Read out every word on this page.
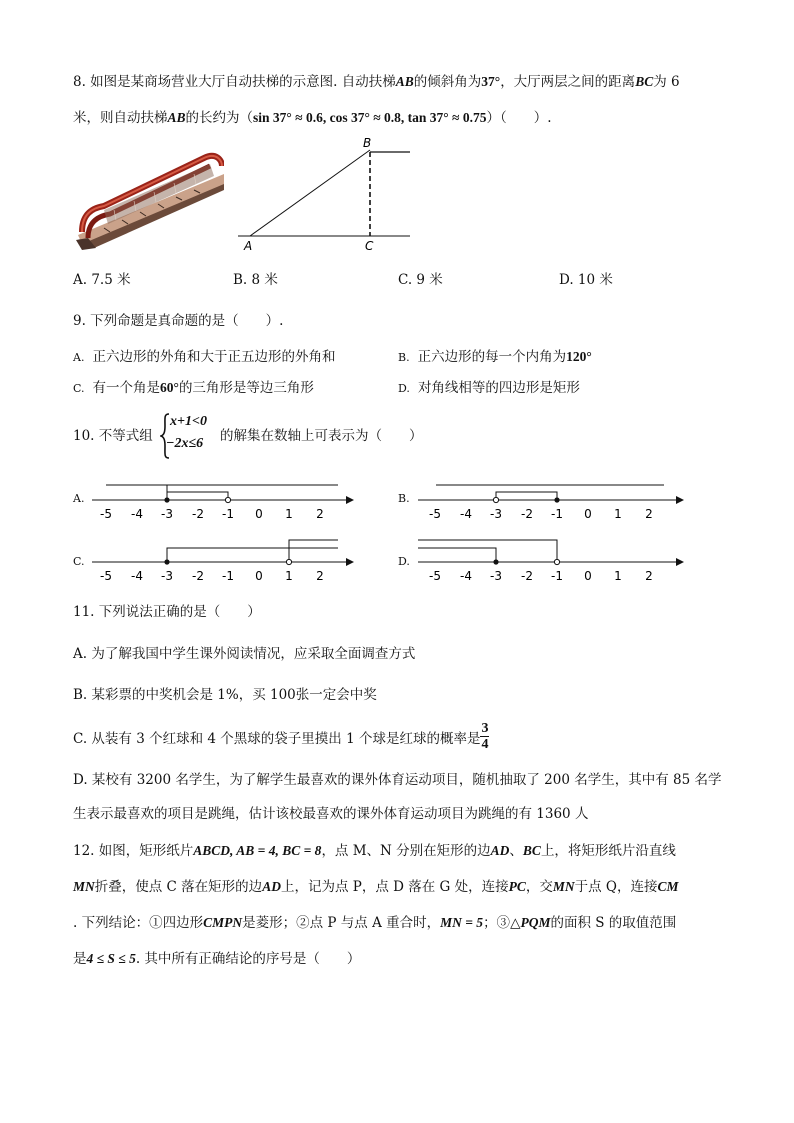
8. 如图是某商场营业大厅自动扶梯的示意图. 自动扶梯AB的倾斜角为37°，大厅两层之间的距离BC为 6
米，则自动扶梯AB的长约为（sin 37° ≈ 0.6, cos 37° ≈ 0.8, tan 37° ≈ 0.75）（　　）.
A
B
C
A. 7.5 米	B. 8 米	C. 9 米	D. 10 米
9. 下列命题是真命题的是（　　）.
A. 正六边形的外角和大于正五边形的外角和	B. 正六边形的每一个内角为120°
C. 有一个角是60°的三角形是等边三角形	D. 对角线相等的四边形是矩形
10. 不等式组
x+1<0
−2x≤6 的解集在数轴上可表示为（　　）
A.	B.
C.	D.
-5 -4 -3 -2 -1 0 1 2	-5 -4 -3 -2 -1 0 1 2
-5 -4 -3 -2 -1 0 1 2	-5 -4 -3 -2 -1 0 1 2
11. 下列说法正确的是（　　）
A. 为了解我国中学生课外阅读情况，应采取全面调查方式
B. 某彩票的中奖机会是 1%，买 100张一定会中奖
C. 从装有 3 个红球和 4 个黑球的袋子里摸出 1 个球是红球的概率是 $\frac{3}{4}$
D. 某校有 3200 名学生，为了解学生最喜欢的课外体育运动项目，随机抽取了 200 名学生，其中有 85 名学
生表示最喜欢的项目是跳绳，估计该校最喜欢的课外体育运动项目为跳绳的有 1360 人
12. 如图，矩形纸片ABCD, AB = 4, BC = 8，点 M、N 分别在矩形的边AD、BC上，将矩形纸片沿直线
MN折叠，使点 C 落在矩形的边AD上，记为点 P，点 D 落在 G 处，连接PC，交MN于点 Q，连接CM
. 下列结论：①四边形CMPN是菱形；②点 P 与点 A 重合时，MN = 5；③△PQM的面积 S 的取值范围
是4 ≤ S ≤ 5. 其中所有正确结论的序号是（　　）
